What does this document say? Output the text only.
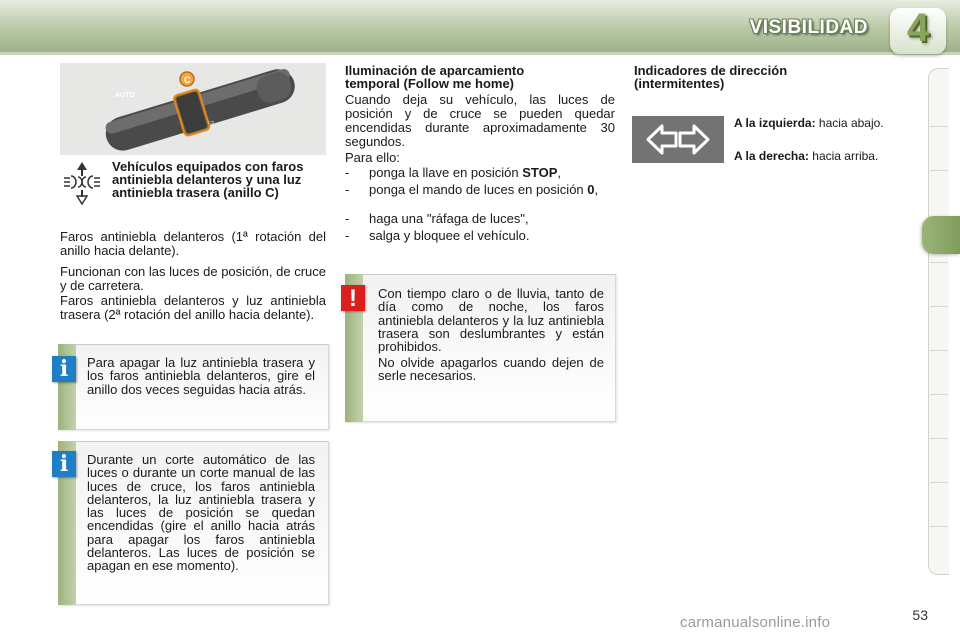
VISIBILIDAD 4
AUTO
☼
⇨
C
Vehículos equipados con faros antiniebla delanteros y una luz antiniebla trasera (anillo C)
Faros antiniebla delanteros (1ª rotación del anillo hacia delante).
Funcionan con las luces de posición, de cruce y de carretera.
Faros antiniebla delanteros y luz antiniebla trasera (2ª rotación del anillo hacia delante).
i	Para apagar la luz antiniebla trasera y los faros antiniebla delanteros, gire el anillo dos veces seguidas hacia atrás.
i	Durante un corte automático de las luces o durante un corte manual de las luces de cruce, los faros antiniebla delanteros, la luz antiniebla trasera y las luces de posición se quedan encendidas (gire el anillo hacia atrás para apagar los faros antiniebla delanteros. Las luces de posición se apagan en ese momento).
Iluminación de aparcamiento temporal (Follow me home)
Cuando deja su vehículo, las luces de posición y de cruce se pueden quedar encendidas durante aproximadamente 30 segundos.
Para ello:
- ponga la llave en posición STOP,
- ponga el mando de luces en posición 0,
- haga una "ráfaga de luces",
- salga y bloquee el vehículo.
!	Con tiempo claro o de lluvia, tanto de día como de noche, los faros antiniebla delanteros y la luz antiniebla trasera son deslumbrantes y están prohibidos.
No olvide apagarlos cuando dejen de serle necesarios.
Indicadores de dirección (intermitentes)
A la izquierda: hacia abajo.
A la derecha: hacia arriba.
53
carmanualsonline.info
